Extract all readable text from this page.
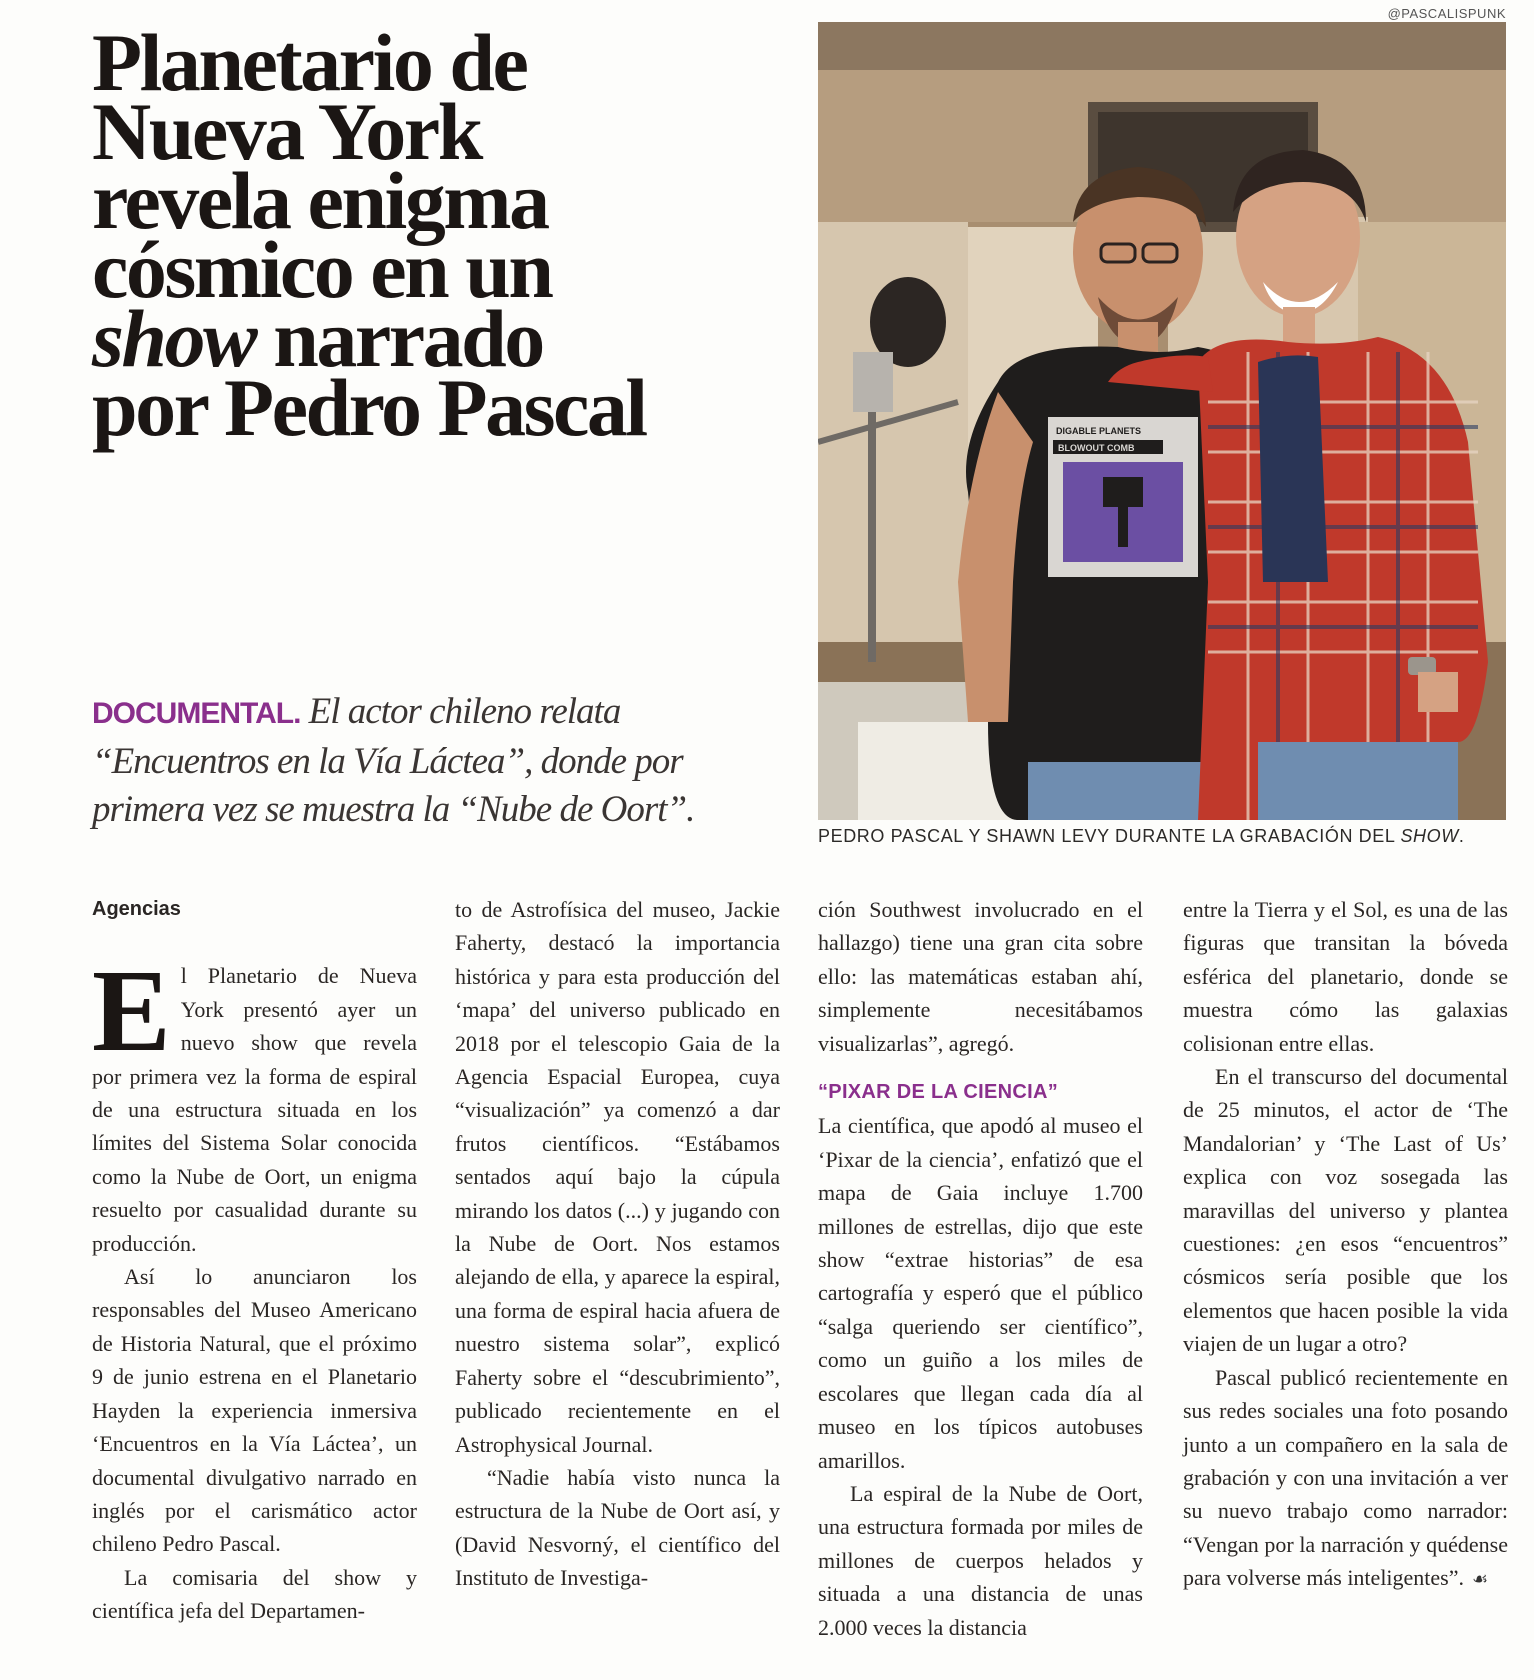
Planetario de
Nueva York
revela enigma
cósmico en un
show narrado
por Pedro Pascal

DOCUMENTAL. El actor chileno relata
“Encuentros en la Vía Láctea”, donde por
primera vez se muestra la “Nube de Oort”.

@PASCALISPUNK
DIGABLE PLANETS
BLOWOUT COMB
PEDRO PASCAL Y SHAWN LEVY DURANTE LA GRABACIÓN DEL SHOW.

Agencias

El Planetario de Nueva York presentó ayer un nuevo show que revela por primera vez la forma de espiral de una estructura situada en los límites del Sistema Solar conocida como la Nube de Oort, un enigma resuelto por casualidad durante su producción.

Así lo anunciaron los responsables del Museo Americano de Historia Natural, que el próximo 9 de junio estrena en el Planetario Hayden la experiencia inmersiva ‘Encuentros en la Vía Láctea’, un documental divulgativo narrado en inglés por el carismático actor chileno Pedro Pascal.

La comisaria del show y científica jefa del Departamen-

to de Astrofísica del museo, Jackie Faherty, destacó la importancia histórica y para esta producción del ‘mapa’ del universo publicado en 2018 por el telescopio Gaia de la Agencia Espacial Europea, cuya “visualización” ya comenzó a dar frutos científicos. “Estábamos sentados aquí bajo la cúpula mirando los datos (...) y jugando con la Nube de Oort. Nos estamos alejando de ella, y aparece la espiral, una forma de espiral hacia afuera de nuestro sistema solar”, explicó Faherty sobre el “descubrimiento”, publicado recientemente en el Astrophysical Journal.

“Nadie había visto nunca la estructura de la Nube de Oort así, y (David Nesvorný, el científico del Instituto de Investiga-

ción Southwest involucrado en el hallazgo) tiene una gran cita sobre ello: las matemáticas estaban ahí, simplemente necesitábamos visualizarlas”, agregó.

“PIXAR DE LA CIENCIA”

La científica, que apodó al museo el ‘Pixar de la ciencia’, enfatizó que el mapa de Gaia incluye 1.700 millones de estrellas, dijo que este show “extrae historias” de esa cartografía y esperó que el público “salga queriendo ser científico”, como un guiño a los miles de escolares que llegan cada día al museo en los típicos autobuses amarillos.

La espiral de la Nube de Oort, una estructura formada por miles de millones de cuerpos helados y situada a una distancia de unas 2.000 veces la distancia

entre la Tierra y el Sol, es una de las figuras que transitan la bóveda esférica del planetario, donde se muestra cómo las galaxias colisionan entre ellas.

En el transcurso del documental de 25 minutos, el actor de ‘The Mandalorian’ y ‘The Last of Us’ explica con voz sosegada las maravillas del universo y plantea cuestiones: ¿en esos “encuentros” cósmicos sería posible que los elementos que hacen posible la vida viajen de un lugar a otro?

Pascal publicó recientemente en sus redes sociales una foto posando junto a un compañero en la sala de grabación y con una invitación a ver su nuevo trabajo como narrador: “Vengan por la narración y quédense para volverse más inteligentes”. ☙
